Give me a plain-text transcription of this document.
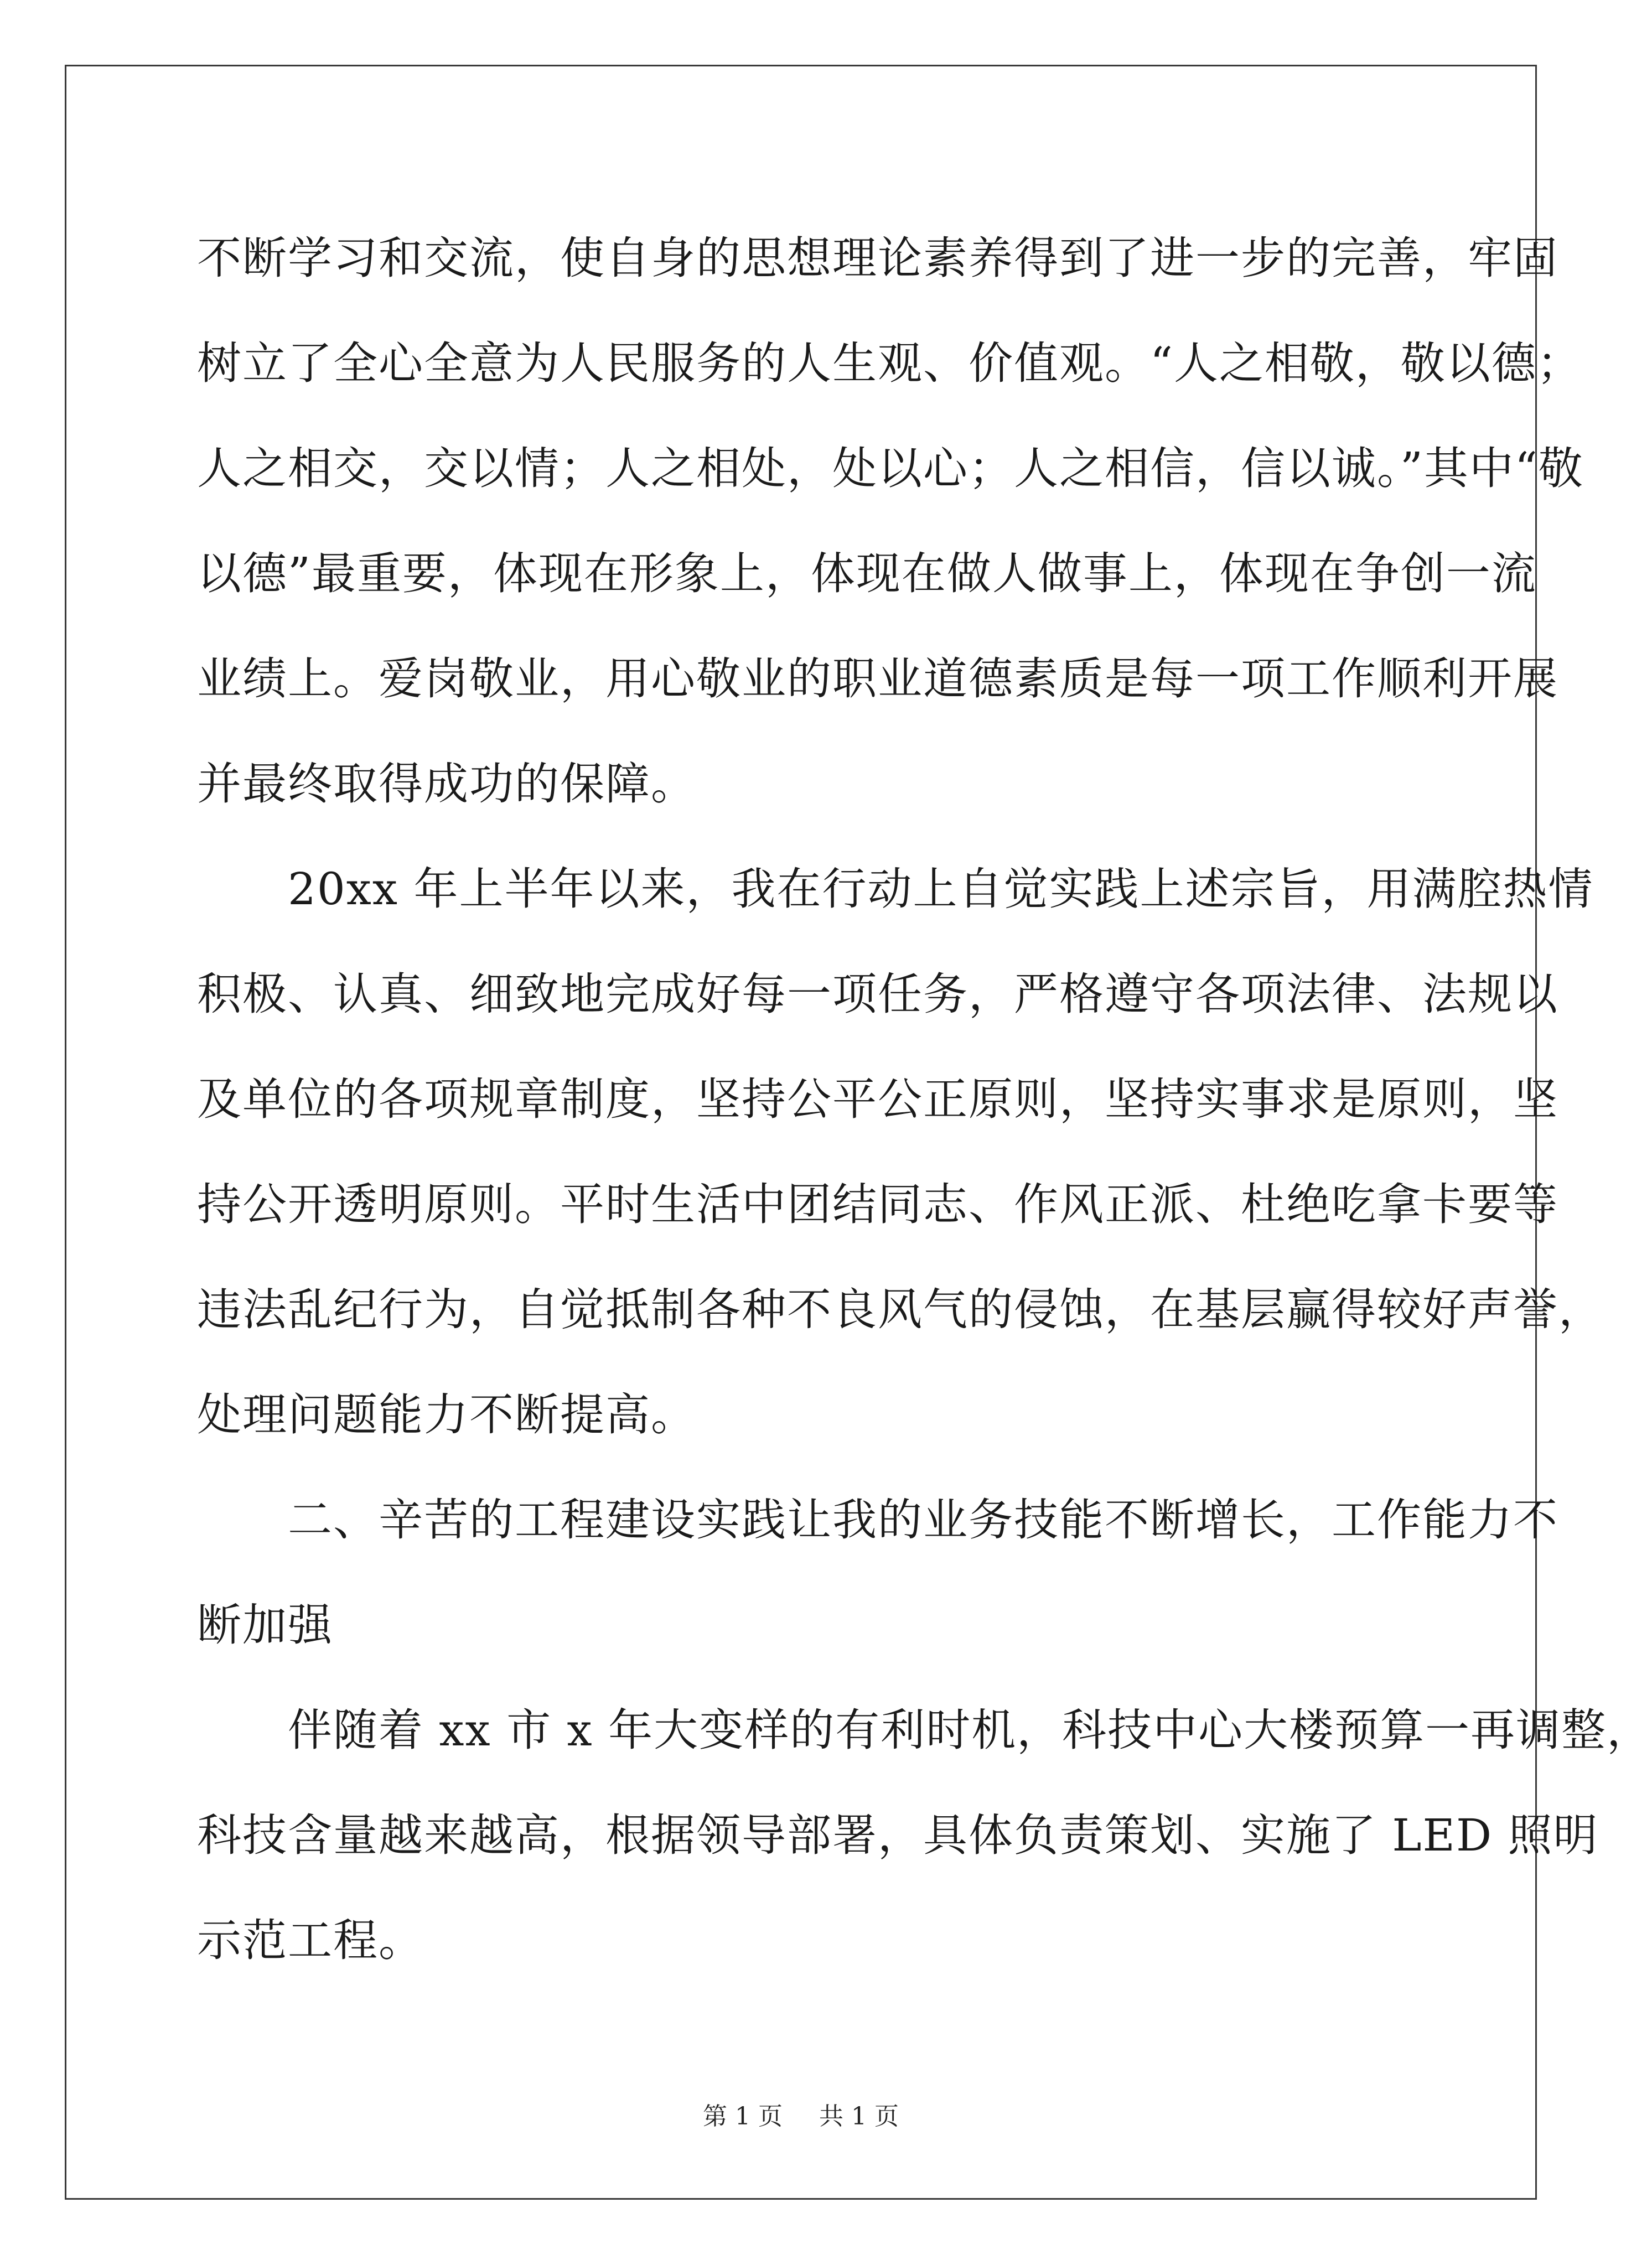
不断学习和交流，使自身的思想理论素养得到了进一步的完善，牢固
树立了全心全意为人民服务的人生观、价值观。“人之相敬，敬以德；
人之相交，交以情；人之相处，处以心；人之相信，信以诚。”其中“敬
以德”最重要，体现在形象上，体现在做人做事上，体现在争创一流
业绩上。爱岗敬业，用心敬业的职业道德素质是每一项工作顺利开展
并最终取得成功的保障。
　　20xx 年上半年以来，我在行动上自觉实践上述宗旨，用满腔热情
积极、认真、细致地完成好每一项任务，严格遵守各项法律、法规以
及单位的各项规章制度，坚持公平公正原则，坚持实事求是原则，坚
持公开透明原则。平时生活中团结同志、作风正派、杜绝吃拿卡要等
违法乱纪行为，自觉抵制各种不良风气的侵蚀，在基层赢得较好声誉，
处理问题能力不断提高。
　　二、辛苦的工程建设实践让我的业务技能不断增长，工作能力不
断加强
　　伴随着 xx 市 x 年大变样的有利时机，科技中心大楼预算一再调整，
科技含量越来越高，根据领导部署，具体负责策划、实施了 LED 照明
示范工程。
第 1 页 共 1 页
